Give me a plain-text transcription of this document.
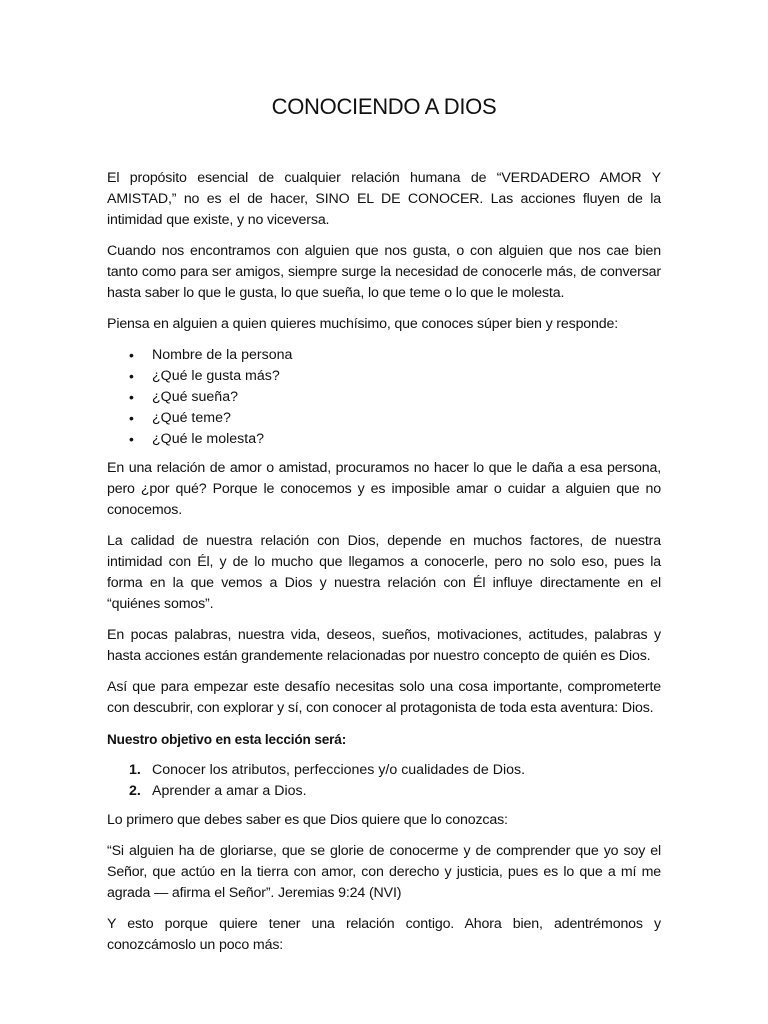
CONOCIENDO A DIOS

El propósito esencial de cualquier relación humana de “VERDADERO AMOR Y AMISTAD,” no es el de hacer, SINO EL DE CONOCER. Las acciones fluyen de la intimidad que existe, y no viceversa.

Cuando nos encontramos con alguien que nos gusta, o con alguien que nos cae bien tanto como para ser amigos, siempre surge la necesidad de conocerle más, de conversar hasta saber lo que le gusta, lo que sueña, lo que teme o lo que le molesta.

Piensa en alguien a quien quieres muchísimo, que conoces súper bien y responde:

• Nombre de la persona
• ¿Qué le gusta más?
• ¿Qué sueña?
• ¿Qué teme?
• ¿Qué le molesta?

En una relación de amor o amistad, procuramos no hacer lo que le daña a esa persona, pero ¿por qué? Porque le conocemos y es imposible amar o cuidar a alguien que no conocemos.

La calidad de nuestra relación con Dios, depende en muchos factores, de nuestra intimidad con Él, y de lo mucho que llegamos a conocerle, pero no solo eso, pues la forma en la que vemos a Dios y nuestra relación con Él influye directamente en el “quiénes somos”.

En pocas palabras, nuestra vida, deseos, sueños, motivaciones, actitudes, palabras y hasta acciones están grandemente relacionadas por nuestro concepto de quién es Dios.

Así que para empezar este desafío necesitas solo una cosa importante, comprometerte con descubrir, con explorar y sí, con conocer al protagonista de toda esta aventura: Dios.

Nuestro objetivo en esta lección será:

1. Conocer los atributos, perfecciones y/o cualidades de Dios.
2. Aprender a amar a Dios.

Lo primero que debes saber es que Dios quiere que lo conozcas:

“Si alguien ha de gloriarse, que se glorie de conocerme y de comprender que yo soy el Señor, que actúo en la tierra con amor, con derecho y justicia, pues es lo que a mí me agrada — afirma el Señor”. Jeremias 9:24 (NVI)

Y esto porque quiere tener una relación contigo. Ahora bien, adentrémonos y conozcámoslo un poco más:
